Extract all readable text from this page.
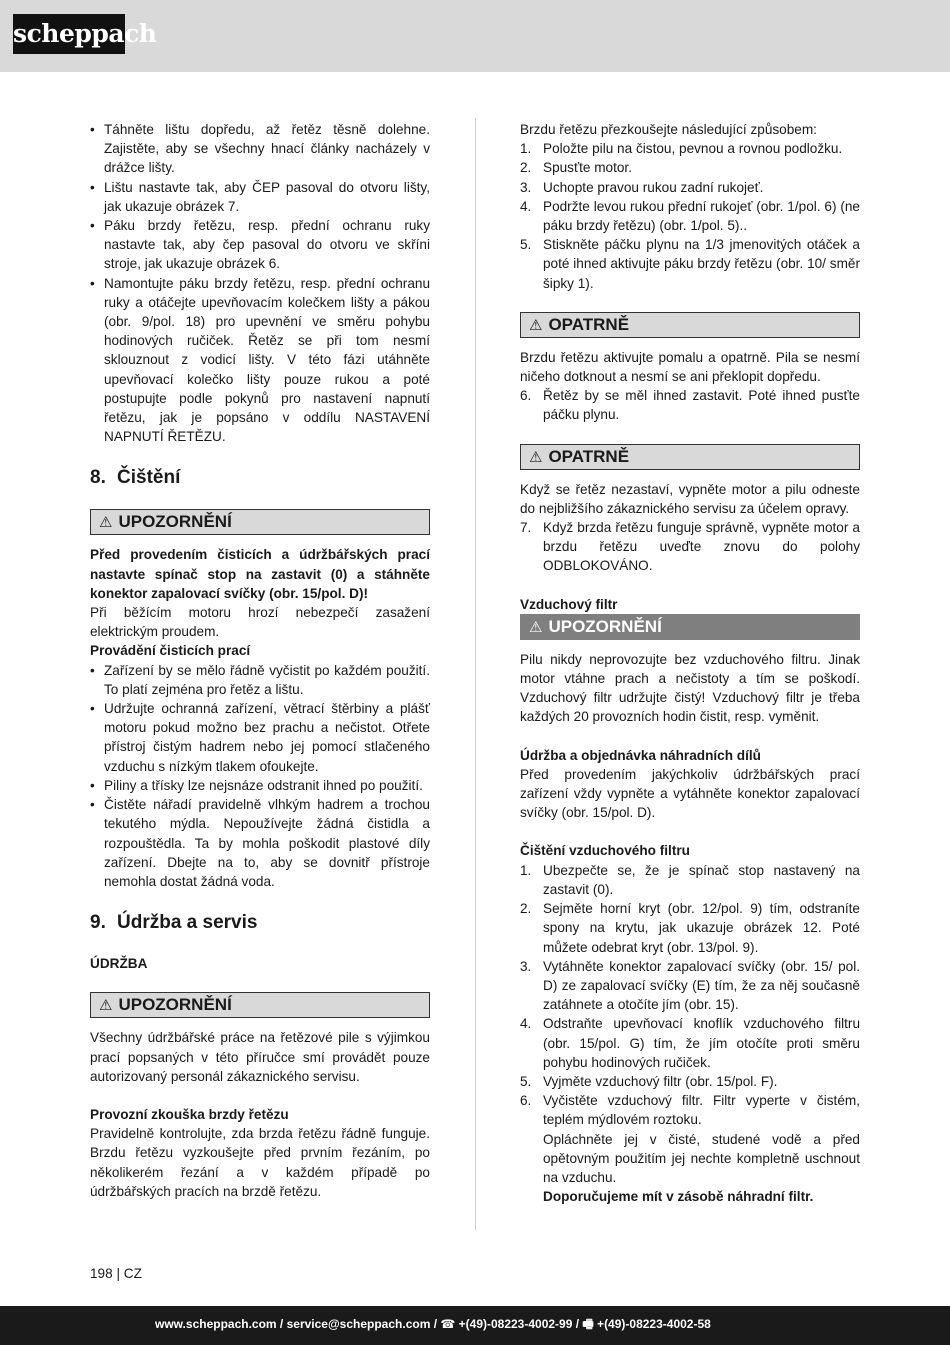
scheppach
• Táhněte lištu dopředu, až řetěz těsně dolehne. Zajistěte, aby se všechny hnací články nacházely v drážce lišty.
• Lištu nastavte tak, aby ČEP pasoval do otvoru lišty, jak ukazuje obrázek 7.
• Páku brzdy řetězu, resp. přední ochranu ruky nastavte tak, aby čep pasoval do otvoru ve skříni stroje, jak ukazuje obrázek 6.
• Namontujte páku brzdy řetězu, resp. přední ochranu ruky a otáčejte upevňovacím kolečkem lišty a pákou (obr. 9/pol. 18) pro upevnění ve směru pohybu hodinových ručiček. Řetěz se při tom nesmí sklouznout z vodicí lišty. V této fázi utáhněte upevňovací kolečko lišty pouze rukou a poté postupujte podle pokynů pro nastavení napnutí řetězu, jak je popsáno v oddílu NASTAVENÍ NAPNUTÍ ŘETĚZU.
8. Čištění
⚠ UPOZORNĚNÍ

Před provedením čisticích a údržbářských prací nastavte spínač stop na zastavit (0) a stáhněte konektor zapalovací svíčky (obr. 15/pol. D)!

Při běžícím motoru hrozí nebezpečí zasažení elektrickým proudem.

Provádění čisticích prací

• Zařízení by se mělo řádně vyčistit po každém použití. To platí zejména pro řetěz a lištu.
• Udržujte ochranná zařízení, větrací štěrbiny a plášť motoru pokud možno bez prachu a nečistot. Otřete přístroj čistým hadrem nebo jej pomocí stlačeného vzduchu s nízkým tlakem ofoukejte.
• Piliny a třísky lze nejsnáze odstranit ihned po použití.
• Čistěte nářadí pravidelně vlhkým hadrem a trochou tekutého mýdla. Nepoužívejte žádná čistidla a rozpouštědla. Ta by mohla poškodit plastové díly zařízení. Dbejte na to, aby se dovnitř přístroje nemohla dostat žádná voda.
9. Údržba a servis

ÚDRŽBA

⚠ UPOZORNĚNÍ

Všechny údržbářské práce na řetězové pile s výjimkou prací popsaných v této příručce smí provádět pouze autorizovaný personál zákaznického servisu.

Provozní zkouška brzdy řetězu

Pravidelně kontrolujte, zda brzda řetězu řádně funguje. Brzdu řetězu vyzkoušejte před prvním řezáním, po několikerém řezání a v každém případě po údržbářských pracích na brzdě řetězu.

Brzdu řetězu přezkoušejte následující způsobem:

1. Položte pilu na čistou, pevnou a rovnou podložku.
2. Spusťte motor.
3. Uchopte pravou rukou zadní rukojeť.
4. Podržte levou rukou přední rukojeť (obr. 1/pol. 6) (ne páku brzdy řetězu) (obr. 1/pol. 5)..
5. Stiskněte páčku plynu na 1/3 jmenovitých otáček a poté ihned aktivujte páku brzdy řetězu (obr. 10/ směr šipky 1).
⚠ OPATRNĚ

Brzdu řetězu aktivujte pomalu a opatrně. Pila se nesmí ničeho dotknout a nesmí se ani překlopit dopředu.

6. Řetěz by se měl ihned zastavit. Poté ihned pusťte páčku plynu.
⚠ OPATRNĚ

Když se řetěz nezastaví, vypněte motor a pilu odneste do nejbližšího zákaznického servisu za účelem opravy.

7. Když brzda řetězu funguje správně, vypněte motor a brzdu řetězu uveďte znovu do polohy ODBLOKOVÁNO.

Vzduchový filtr

⚠ UPOZORNĚNÍ

Pilu nikdy neprovozujte bez vzduchového filtru. Jinak motor vtáhne prach a nečistoty a tím se poškodí. Vzduchový filtr udržujte čistý! Vzduchový filtr je třeba každých 20 provozních hodin čistit, resp. vyměnit.

Údržba a objednávka náhradních dílů

Před provedením jakýchkoliv údržbářských prací zařízení vždy vypněte a vytáhněte konektor zapalovací svíčky (obr. 15/pol. D).

Čištění vzduchového filtru

1. Ubezpečte se, že je spínač stop nastavený na zastavit (0).
2. Sejměte horní kryt (obr. 12/pol. 9) tím, odstraníte spony na krytu, jak ukazuje obrázek 12. Poté můžete odebrat kryt (obr. 13/pol. 9).
3. Vytáhněte konektor zapalovací svíčky (obr. 15/ pol. D) ze zapalovací svíčky (E) tím, že za něj současně zatáhnete a otočíte jím (obr. 15).
4. Odstraňte upevňovací knoflík vzduchového filtru (obr. 15/pol. G) tím, že jím otočíte proti směru pohybu hodinových ručiček.
5. Vyjměte vzduchový filtr (obr. 15/pol. F).
6. Vyčistěte vzduchový filtr. Filtr vyperte v čistém, teplém mýdlovém roztoku.

Opláchněte jej v čisté, studené vodě a před opětovným použitím jej nechte kompletně uschnout na vzduchu.

Doporučujeme mít v zásobě náhradní filtr.

198 | CZ
www.scheppach.com / service@scheppach.com / ☎ +(49)-08223-4002-99 / 🖷 +(49)-08223-4002-58
